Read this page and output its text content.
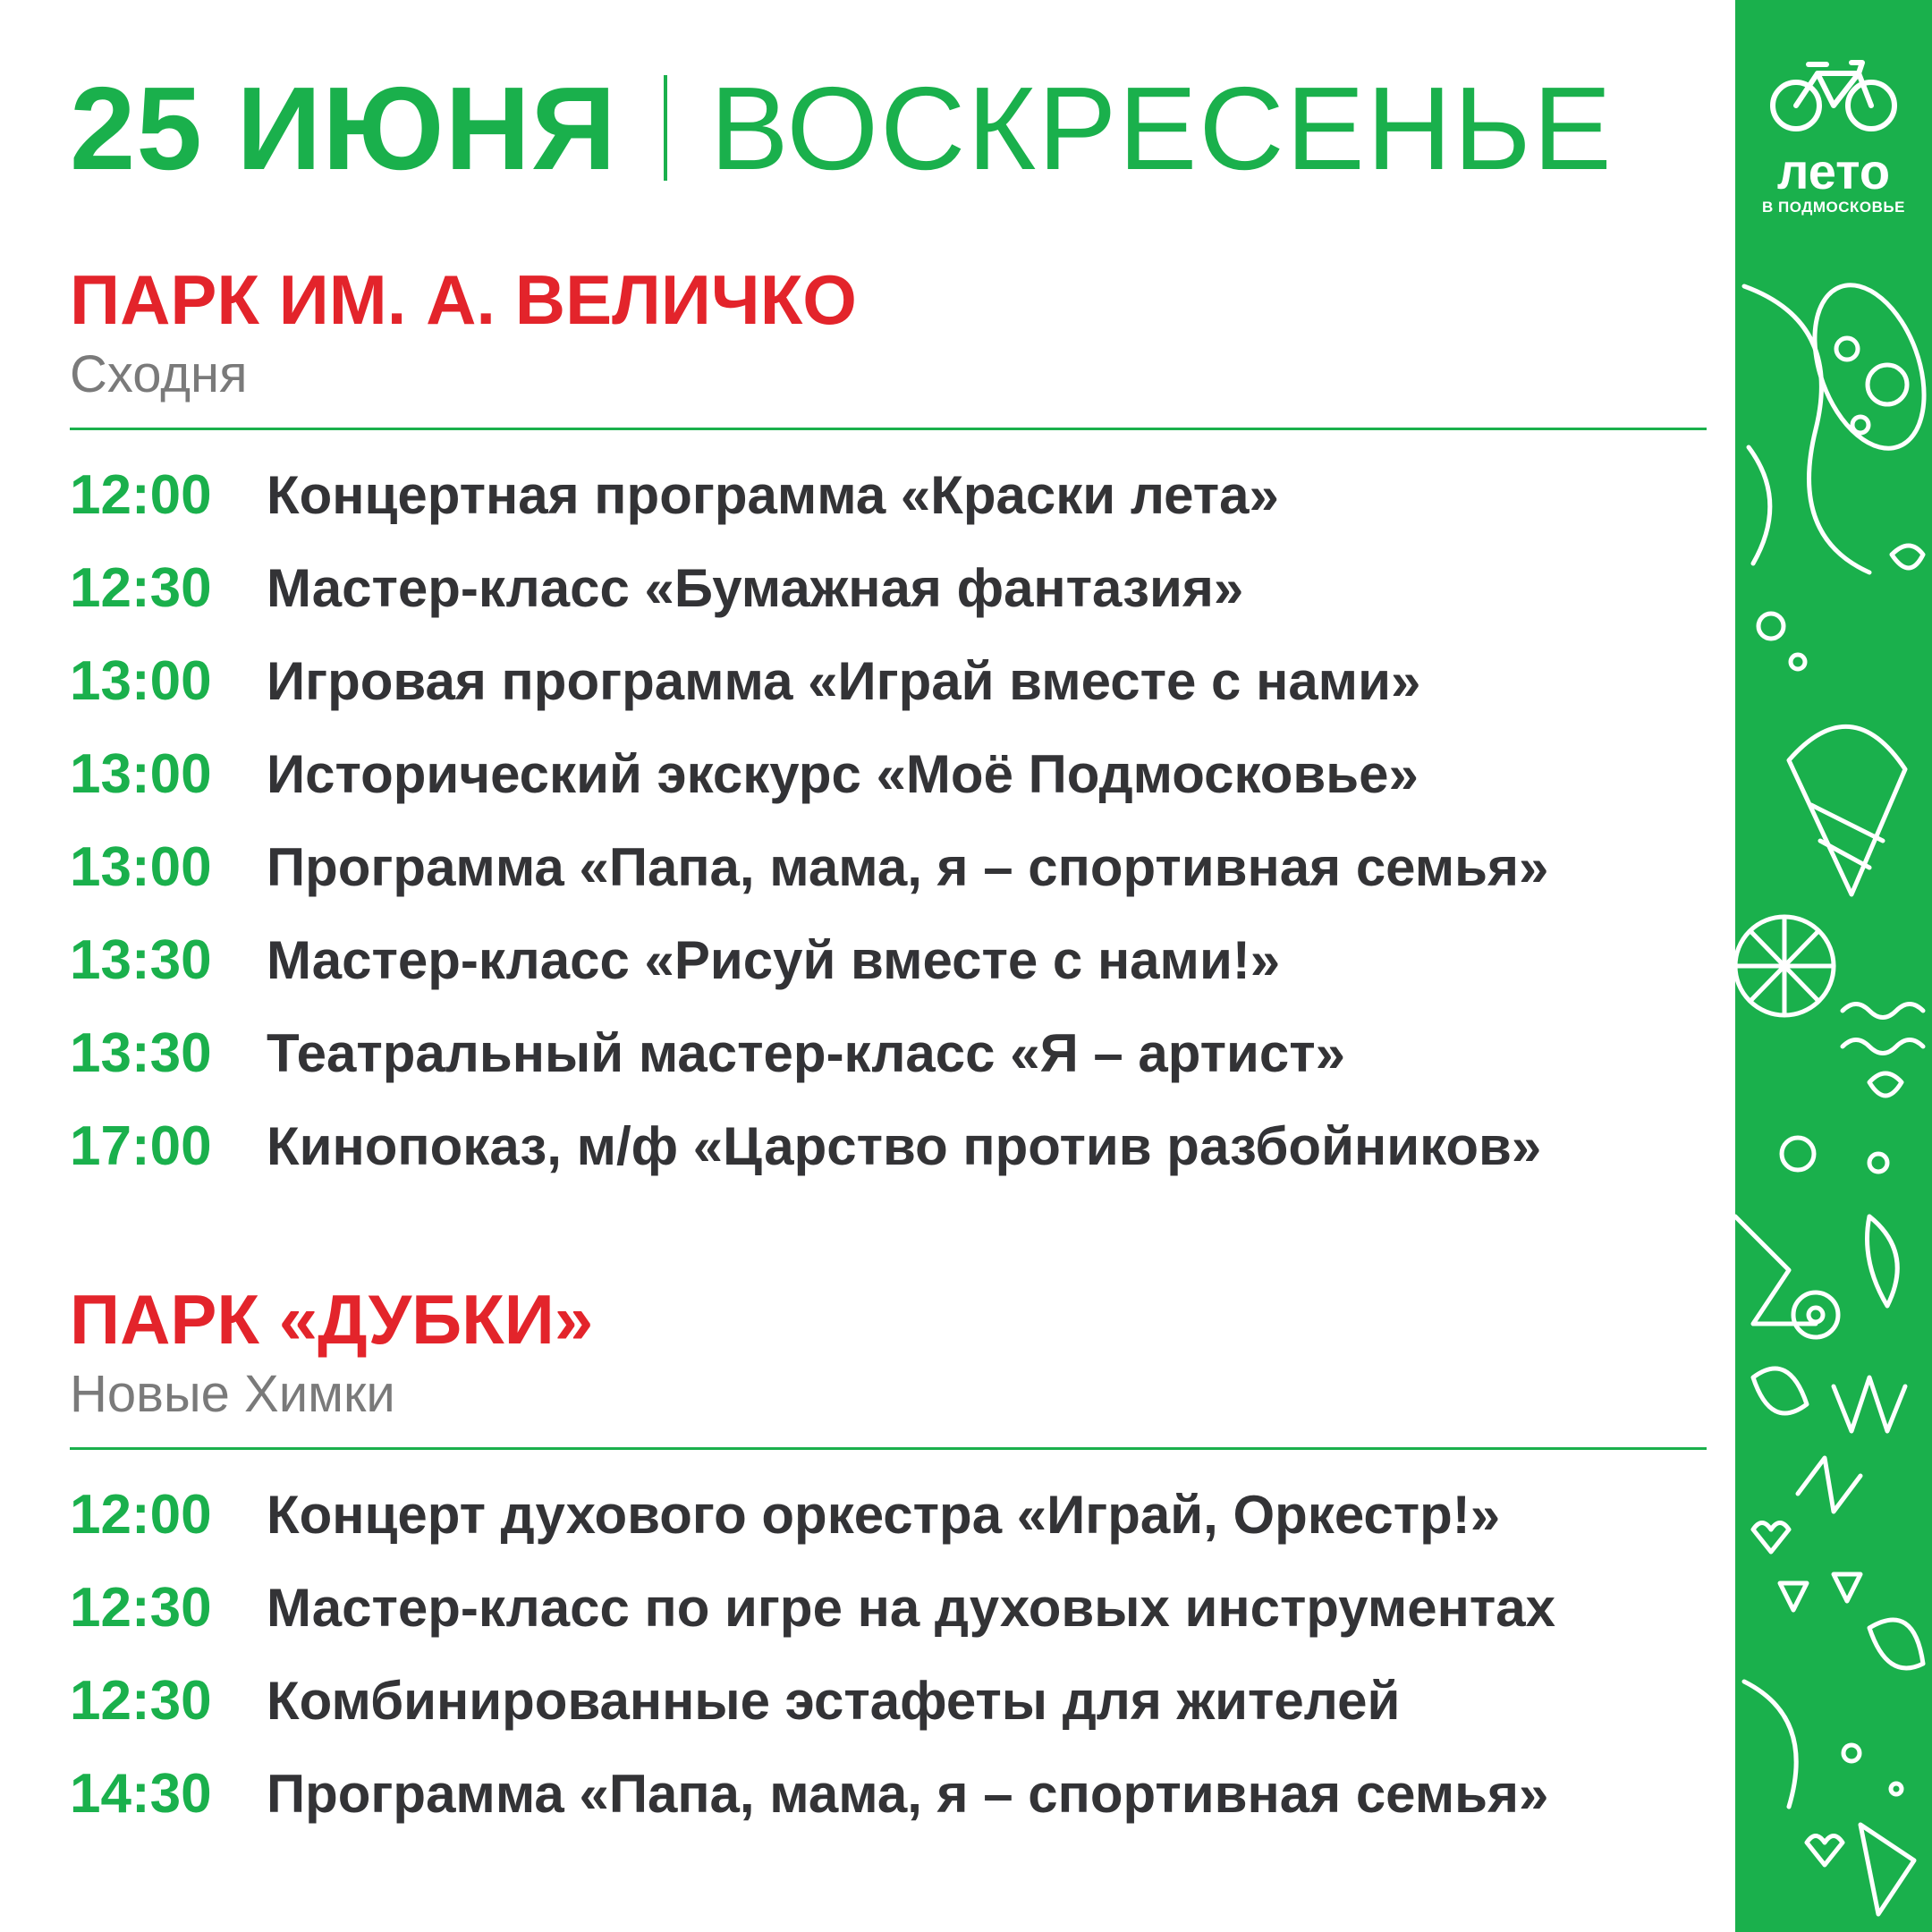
25 ИЮНЯ ВОСКРЕСЕНЬЕ
ПАРК ИМ. А. ВЕЛИЧКО
Сходня
12:00	Концертная программа «Краски лета»
12:30	Мастер-класс «Бумажная фантазия»
13:00	Игровая программа «Играй вместе с нами»
13:00	Исторический экскурс «Моё Подмосковье»
13:00	Программа «Папа, мама, я – спортивная семья»
13:30	Мастер-класс «Рисуй вместе с нами!»
13:30	Театральный мастер-класс «Я – артист»
17:00	Кинопоказ, м/ф «Царство против разбойников»
ПАРК «ДУБКИ»
Новые Химки
12:00	Концерт духового оркестра «Играй, Оркестр!»
12:30	Мастер-класс по игре на духовых инструментах
12:30	Комбинированные эстафеты для жителей
14:30	Программа «Папа, мама, я – спортивная семья»
лето
В ПОДМОСКОВЬЕ
